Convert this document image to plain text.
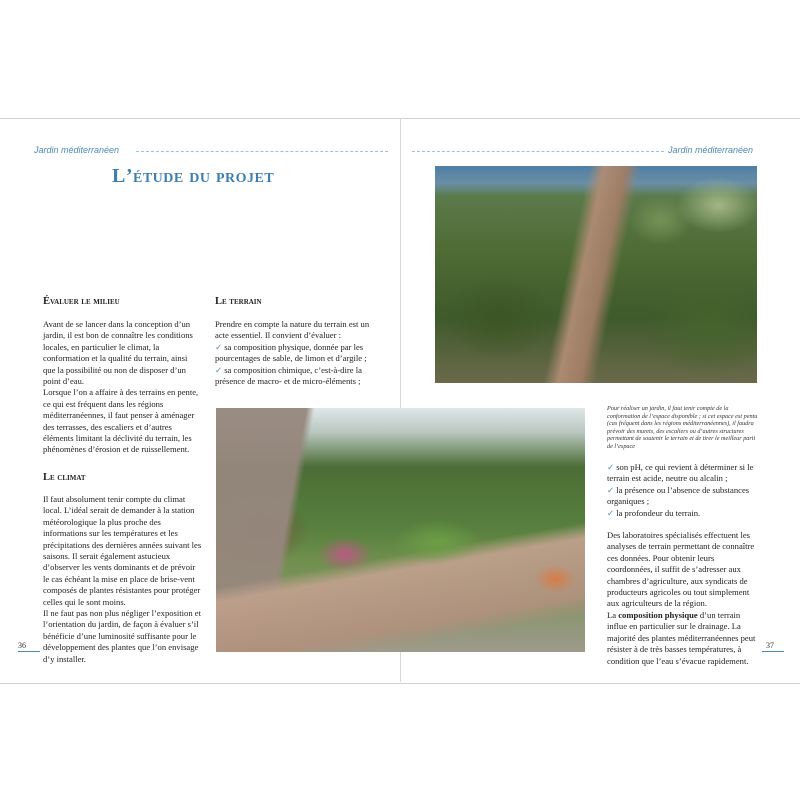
Jardin méditerranéen	Jardin méditerranéen
L’étude du projet
Évaluer le milieu

Avant de se lancer dans la conception d’un jardin, il est bon de connaître les conditions locales, en particulier le climat, la conformation et la qualité du terrain, ainsi que la possibilité ou non de disposer d’un point d’eau.

Lorsque l’on a affaire à des terrains en pente, ce qui est fréquent dans les régions méditerranéennes, il faut penser à aménager des terrasses, des escaliers et d’autres éléments limitant la déclivité du terrain, les phénomènes d’érosion et de ruissellement.

Le climat

Il faut absolument tenir compte du climat local. L’idéal serait de demander à la station météorologique la plus proche des informations sur les températures et les précipitations des dernières années suivant les saisons. Il serait également astucieux d’observer les vents dominants et de prévoir le cas échéant la mise en place de brise-vent composés de plantes résistantes pour protéger celles qui le sont moins.

Il ne faut pas non plus négliger l’exposition et l’orientation du jardin, de façon à évaluer s’il bénéficie d’une luminosité suffisante pour le développement des plantes que l’on envisage d’y installer.

Le terrain

Prendre en compte la nature du terrain est un acte essentiel. Il convient d’évaluer :

✓ sa composition physique, donnée par les pourcentages de sable, de limon et d’argile ;

✓ sa composition chimique, c’est-à-dire la présence de macro- et de micro-éléments ;

Pour réaliser un jardin, il faut tenir compte de la conformation de l’espace disponible ; si cet espace est pentu (cas fréquent dans les régions méditerranéennes), il faudra prévoir des murets, des escaliers ou d’autres structures permettant de soutenir le terrain et de tirer le meilleur parti de l’espace

✓ son pH, ce qui revient à déterminer si le terrain est acide, neutre ou alcalin ;

✓ la présence ou l’absence de substances organiques ;

✓ la profondeur du terrain.

Des laboratoires spécialisés effectuent les analyses de terrain permettant de connaître ces données. Pour obtenir leurs coordonnées, il suffit de s’adresser aux chambres d’agriculture, aux syndicats de producteurs agricoles ou tout simplement aux agriculteurs de la région.

La composition physique d’un terrain influe en particulier sur le drainage. La majorité des plantes méditerranéennes peut résister à de très basses températures, à condition que l’eau s’évacue rapidement.

36	37
